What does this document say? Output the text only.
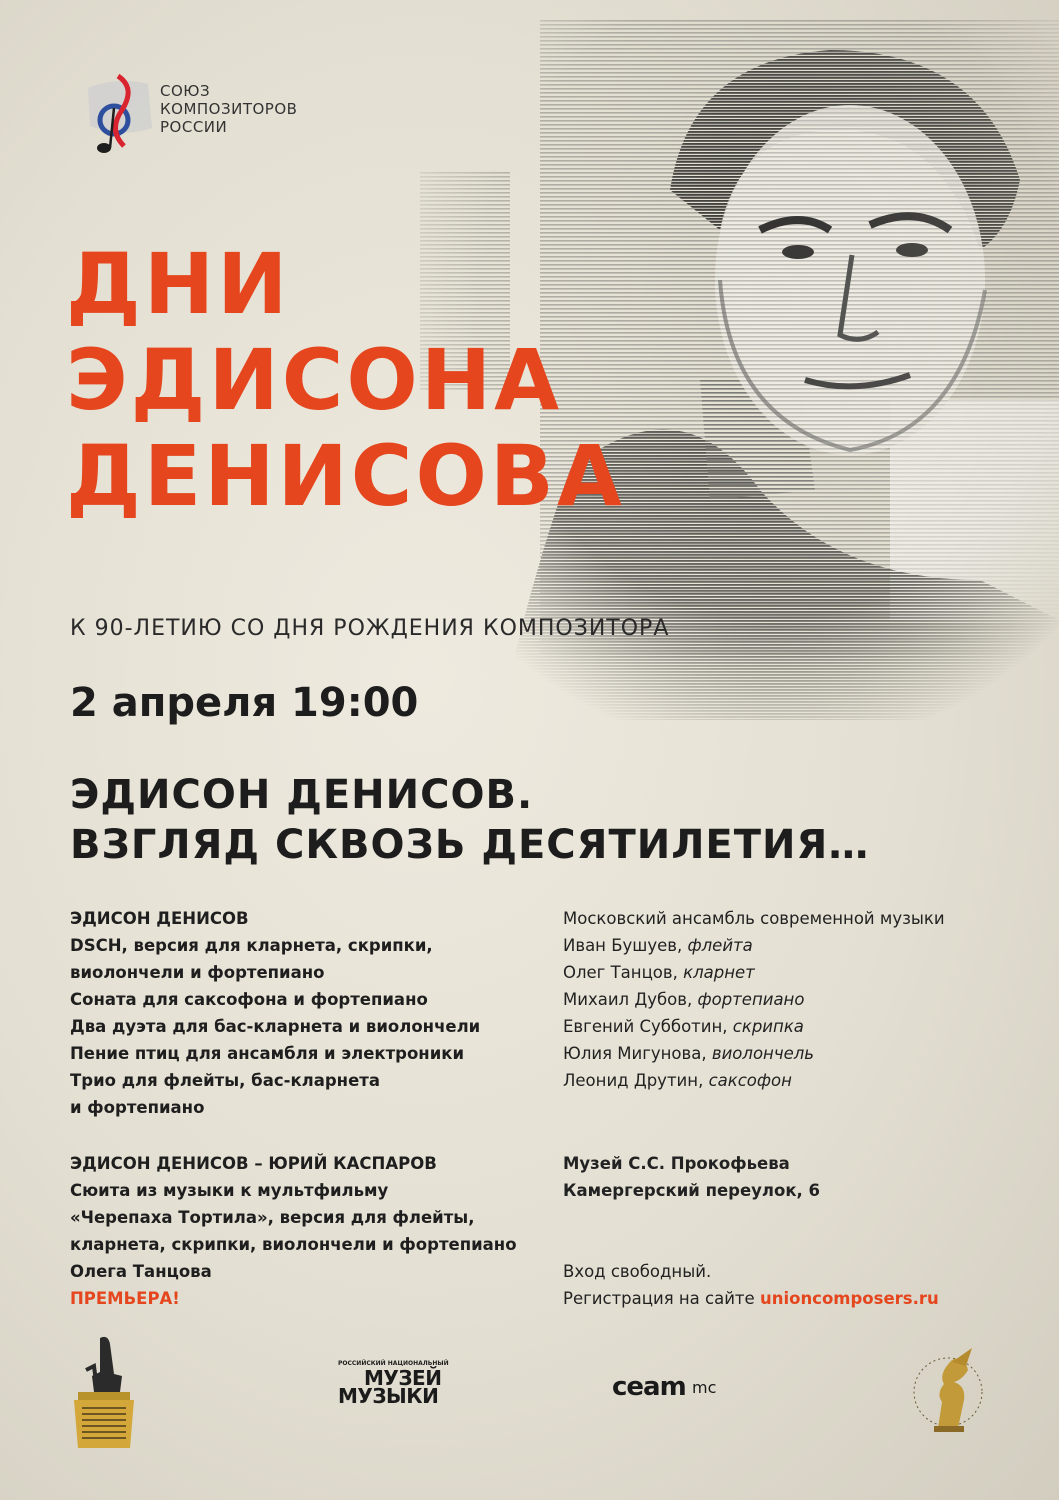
СОЮЗ
КОМПОЗИТОРОВ
РОССИИ
ДНИ
ЭДИСОНА
ДЕНИСОВА
К 90-ЛЕТИЮ СО ДНЯ РОЖДЕНИЯ КОМПОЗИТОРА
2 апреля 19:00
ЭДИСОН ДЕНИСОВ.
ВЗГЛЯД СКВОЗЬ ДЕСЯТИЛЕТИЯ…
ЭДИСОН ДЕНИСОВ
DSCH, версия для кларнета, скрипки,
виолончели и фортепиано
Соната для саксофона и фортепиано
Два дуэта для бас-кларнета и виолончели
Пение птиц для ансамбля и электроники
Трио для флейты, бас-кларнета
и фортепиано
ЭДИСОН ДЕНИСОВ – ЮРИЙ КАСПАРОВ
Сюита из музыки к мультфильму
«Черепаха Тортила», версия для флейты,
кларнета, скрипки, виолончели и фортепиано
Олега Танцова
ПРЕМЬЕРА!
Московский ансамбль современной музыки
Иван Бушуев, флейта
Олег Танцов, кларнет
Михаил Дубов, фортепиано
Евгений Субботин, скрипка
Юлия Мигунова, виолончель
Леонид Друтин, саксофон
Музей С.С. Прокофьева
Камергерский переулок, 6
Вход свободный.
Регистрация на сайте unioncomposers.ru
РОССИЙСКИЙ НАЦИОНАЛЬНЫЙ
МУЗЕЙ
МУЗЫКИ	ceam mc
